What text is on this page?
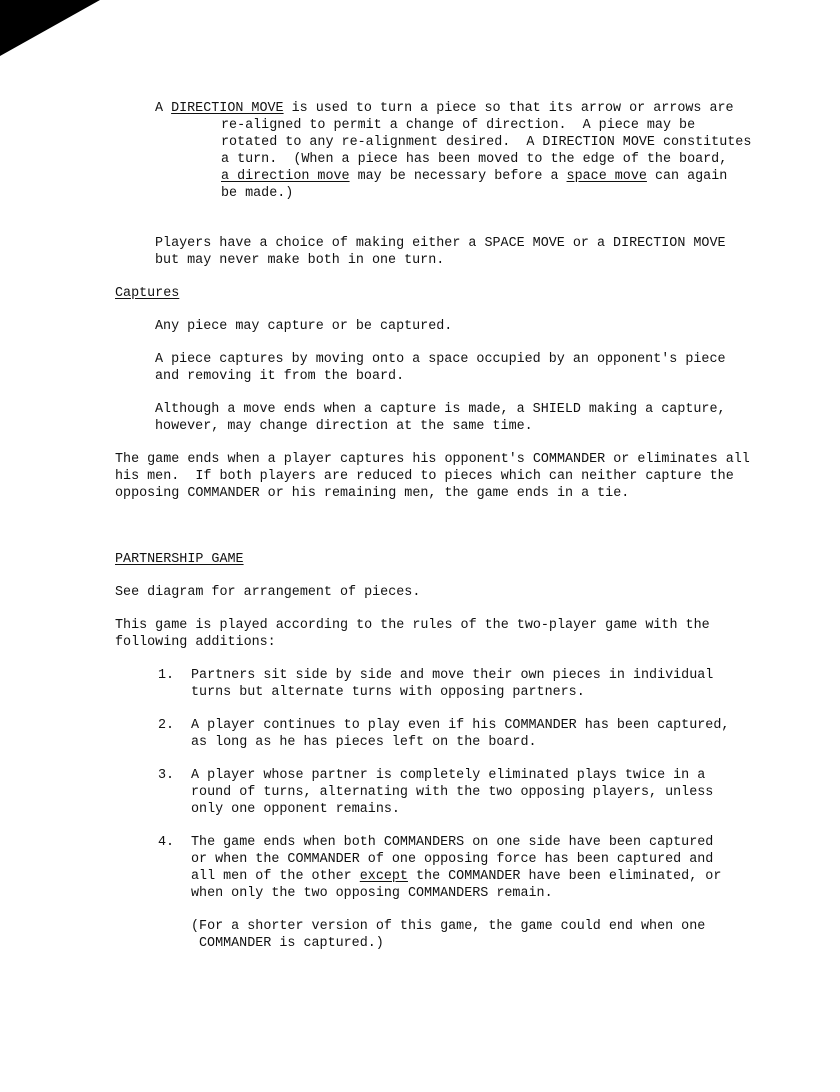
A DIRECTION MOVE is used to turn a piece so that its arrow or arrows are
re-aligned to permit a change of direction.  A piece may be
rotated to any re-alignment desired.  A DIRECTION MOVE constitutes
a turn.  (When a piece has been moved to the edge of the board,
a direction move may be necessary before a space move can again
be made.)
Players have a choice of making either a SPACE MOVE or a DIRECTION MOVE
but may never make both in one turn.
Captures
Any piece may capture or be captured.
A piece captures by moving onto a space occupied by an opponent's piece
and removing it from the board.
Although a move ends when a capture is made, a SHIELD making a capture,
however, may change direction at the same time.
The game ends when a player captures his opponent's COMMANDER or eliminates all
his men.  If both players are reduced to pieces which can neither capture the
opposing COMMANDER or his remaining men, the game ends in a tie.
PARTNERSHIP GAME
See diagram for arrangement of pieces.
This game is played according to the rules of the two-player game with the
following additions:
1. Partners sit side by side and move their own pieces in individual
turns but alternate turns with opposing partners.
2. A player continues to play even if his COMMANDER has been captured,
as long as he has pieces left on the board.
3. A player whose partner is completely eliminated plays twice in a
round of turns, alternating with the two opposing players, unless
only one opponent remains.
4. The game ends when both COMMANDERS on one side have been captured
or when the COMMANDER of one opposing force has been captured and
all men of the other except the COMMANDER have been eliminated, or
when only the two opposing COMMANDERS remain.
(For a shorter version of this game, the game could end when one
COMMANDER is captured.)
